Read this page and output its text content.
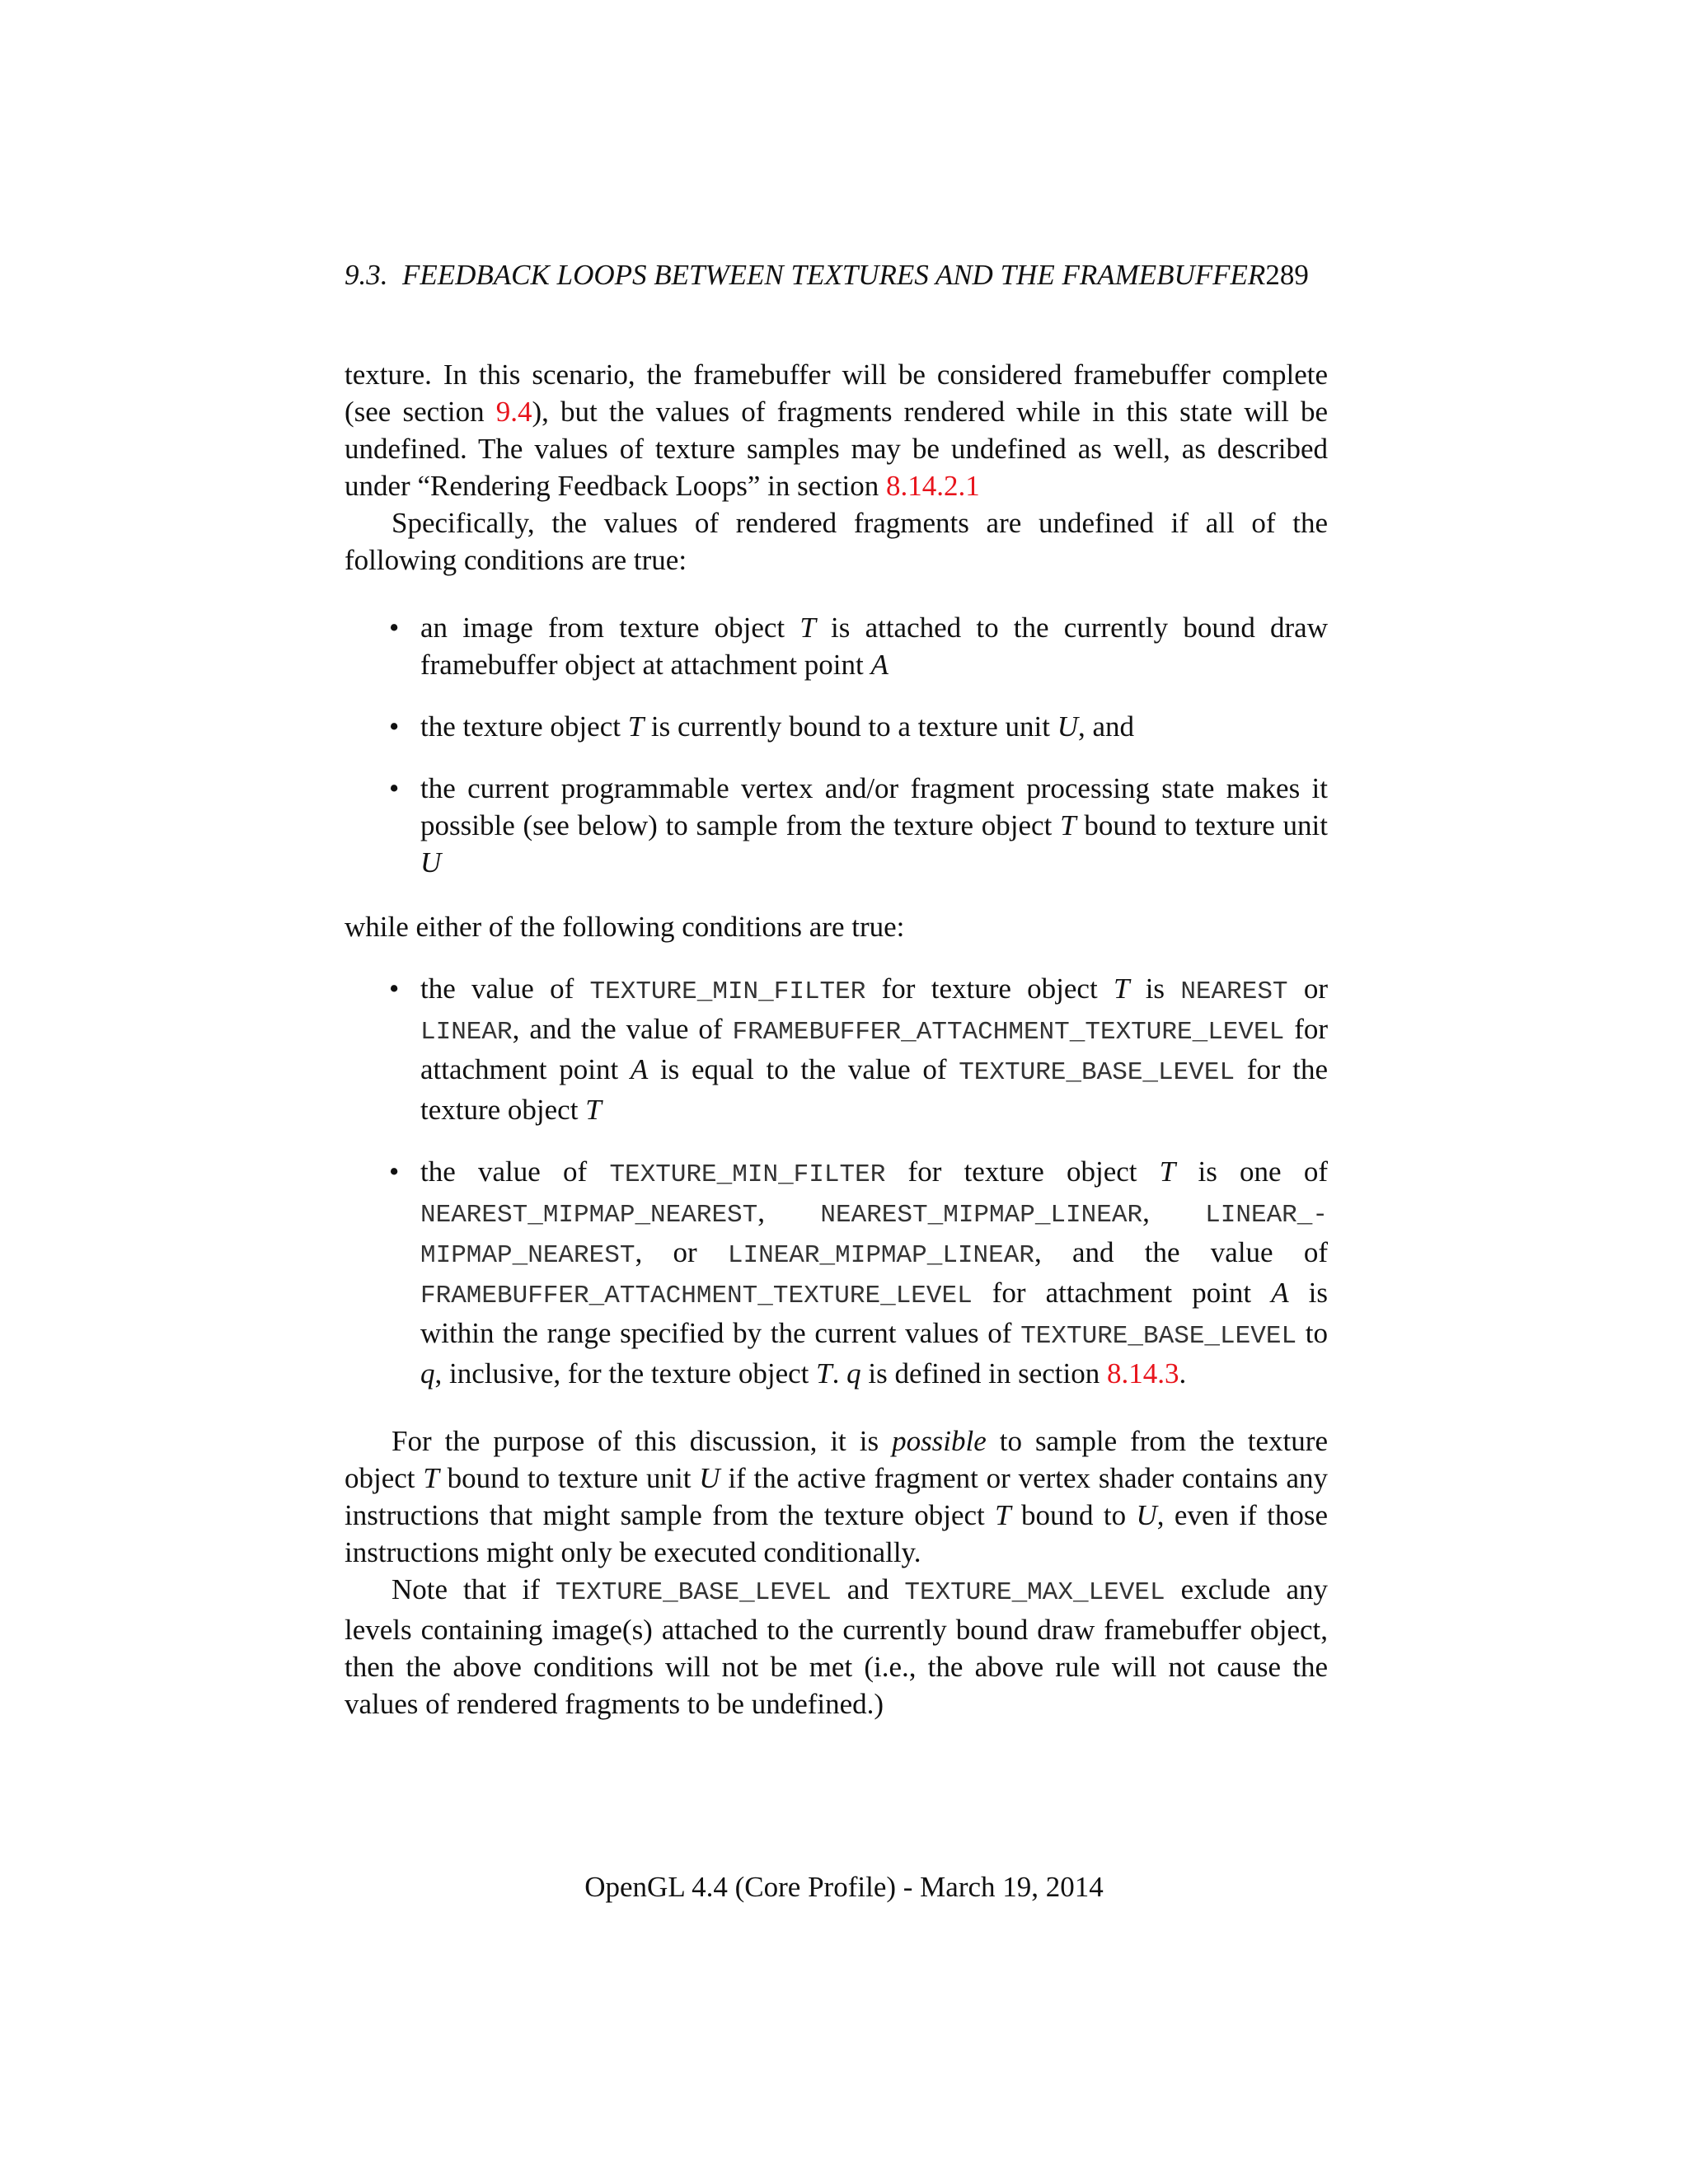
9.3. FEEDBACK LOOPS BETWEEN TEXTURES AND THE FRAMEBUFFER289

texture. In this scenario, the framebuffer will be considered framebuffer complete (see section 9.4), but the values of fragments rendered while in this state will be undefined. The values of texture samples may be undefined as well, as described under “Rendering Feedback Loops” in section 8.14.2.1

Specifically, the values of rendered fragments are undefined if all of the following conditions are true:

• an image from texture object T is attached to the currently bound draw framebuffer object at attachment point A
• the texture object T is currently bound to a texture unit U, and
• the current programmable vertex and/or fragment processing state makes it possible (see below) to sample from the texture object T bound to texture unit U

while either of the following conditions are true:

• the value of TEXTURE_MIN_FILTER for texture object T is NEAREST or LINEAR, and the value of FRAMEBUFFER_ATTACHMENT_TEXTURE_LEVEL for attachment point A is equal to the value of TEXTURE_BASE_LEVEL for the texture object T
• the value of TEXTURE_MIN_FILTER for texture object T is one of NEAREST_MIPMAP_NEAREST, NEAREST_MIPMAP_LINEAR, LINEAR_- MIPMAP_NEAREST, or LINEAR_MIPMAP_LINEAR, and the value of FRAMEBUFFER_ATTACHMENT_TEXTURE_LEVEL for attachment point A is within the range specified by the current values of TEXTURE_BASE_LEVEL to q, inclusive, for the texture object T. q is defined in section 8.14.3.

For the purpose of this discussion, it is possible to sample from the texture object T bound to texture unit U if the active fragment or vertex shader contains any instructions that might sample from the texture object T bound to U, even if those instructions might only be executed conditionally.

Note that if TEXTURE_BASE_LEVEL and TEXTURE_MAX_LEVEL exclude any levels containing image(s) attached to the currently bound draw framebuffer object, then the above conditions will not be met (i.e., the above rule will not cause the values of rendered fragments to be undefined.)

OpenGL 4.4 (Core Profile) - March 19, 2014
